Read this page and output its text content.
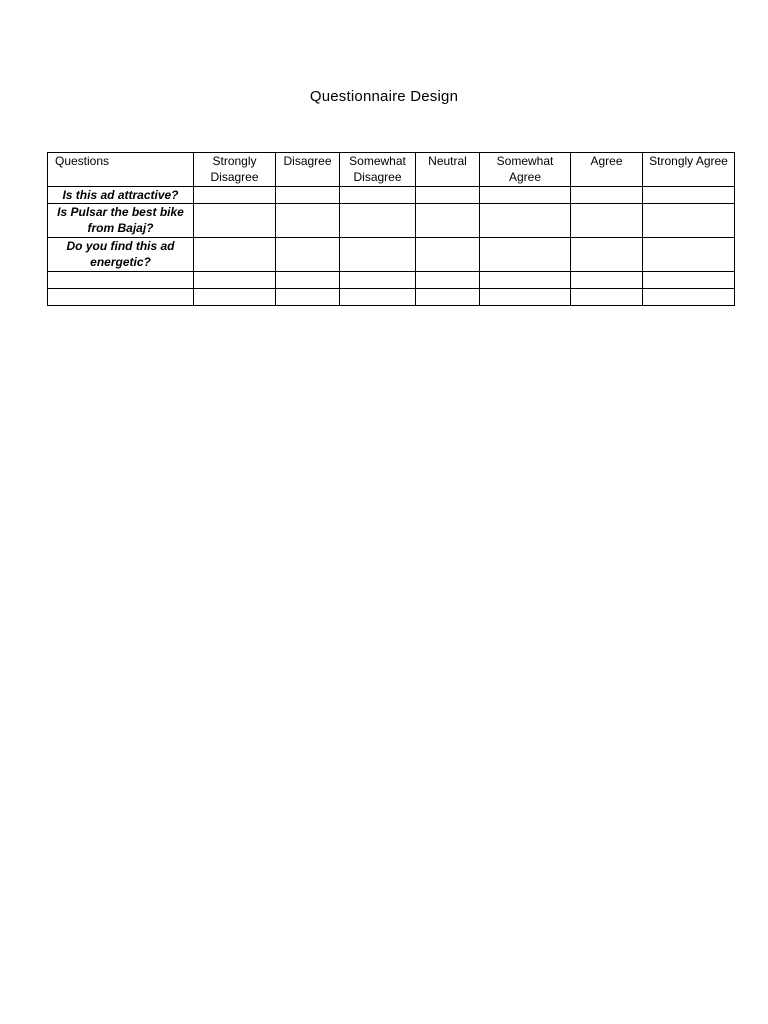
Questionnaire Design
Questions	Strongly Disagree	Disagree	Somewhat Disagree	Neutral	Somewhat Agree	Agree	Strongly Agree
Is this ad attractive?							
Is Pulsar the best bike from Bajaj?							
Do you find this ad energetic?							
